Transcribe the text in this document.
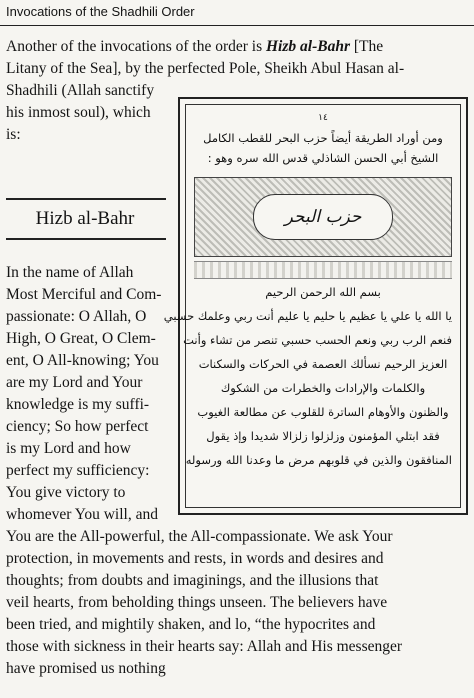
Invocations of the Shadhili Order
Another of the invocations of the order is Hizb al-Bahr [The
Litany of the Sea], by the perfected Pole, Sheikh Abul Hasan al-
Shadhili (Allah sanctify
his inmost soul), which
is:
Hizb al-Bahr
In the name of Allah
Most Merciful and Com-
passionate: O Allah, O
High, O Great, O Clem-
ent, O All-knowing; You
are my Lord and Your
knowledge is my suffi-
ciency; So how perfect
is my Lord and how
perfect my sufficiency:
You give victory to
whomever You will, and
١٤
ومن أوراد الطريقة أيضاً حزب البحر للقطب الكامل
الشيخ أبي الحسن الشاذلي قدس الله سره وهو :
حزب البحر
بسم الله الرحمن الرحيم
يا الله يا علي يا عظيم يا حليم يا عليم أنت ربي وعلمك حسبي
فنعم الرب ربي ونعم الحسب حسبي تنصر من تشاء وأنت
العزيز الرحيم نسألك العصمة في الحركات والسكنات
والكلمات والإرادات والخطرات من الشكوك
والظنون والأوهام الساترة للقلوب عن مطالعة الغيوب
فقد ابتلي المؤمنون وزلزلوا زلزالا شديدا وإذ يقول
المنافقون والذين في قلوبهم مرض ما وعدنا الله ورسوله
You are the All-powerful, the All-compassionate. We ask Your
protection, in movements and rests, in words and desires and
thoughts; from doubts and imaginings, and the illusions that
veil hearts, from beholding things unseen. The believers have
been tried, and mightily shaken, and lo, “the hypocrites and
those with sickness in their hearts say: Allah and His messenger
have promised us nothing
